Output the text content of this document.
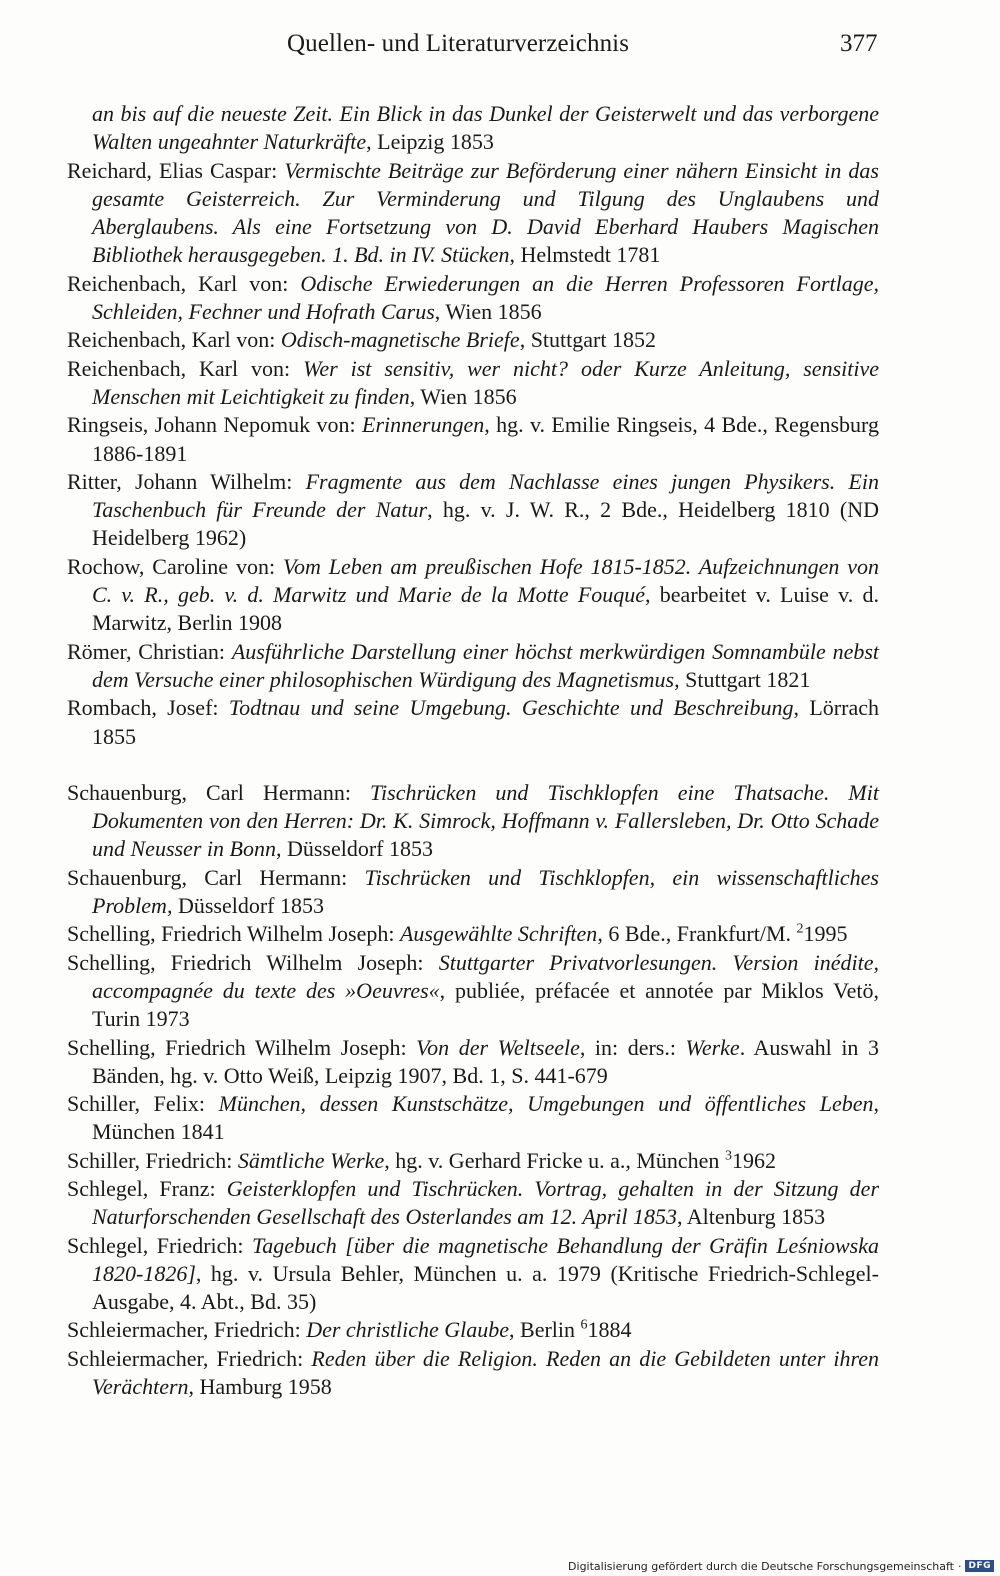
Quellen- und Literaturverzeichnis	377
an bis auf die neueste Zeit. Ein Blick in das Dunkel der Geisterwelt und das verborgene Walten ungeahnter Naturkräfte, Leipzig 1853
Reichard, Elias Caspar: Vermischte Beiträge zur Beförderung einer nähern Einsicht in das gesamte Geisterreich. Zur Verminderung und Tilgung des Unglaubens und Aberglaubens. Als eine Fortsetzung von D. David Eberhard Haubers Magischen Bibliothek herausgegeben. 1. Bd. in IV. Stücken, Helmstedt 1781
Reichenbach, Karl von: Odische Erwiederungen an die Herren Professoren Fortlage, Schleiden, Fechner und Hofrath Carus, Wien 1856
Reichenbach, Karl von: Odisch-magnetische Briefe, Stuttgart 1852
Reichenbach, Karl von: Wer ist sensitiv, wer nicht? oder Kurze Anleitung, sensitive Menschen mit Leichtigkeit zu finden, Wien 1856
Ringseis, Johann Nepomuk von: Erinnerungen, hg. v. Emilie Ringseis, 4 Bde., Regensburg 1886-1891
Ritter, Johann Wilhelm: Fragmente aus dem Nachlasse eines jungen Physikers. Ein Taschenbuch für Freunde der Natur, hg. v. J. W. R., 2 Bde., Heidelberg 1810 (ND Heidelberg 1962)
Rochow, Caroline von: Vom Leben am preußischen Hofe 1815-1852. Aufzeichnungen von C. v. R., geb. v. d. Marwitz und Marie de la Motte Fouqué, bearbeitet v. Luise v. d. Marwitz, Berlin 1908
Römer, Christian: Ausführliche Darstellung einer höchst merkwürdigen Somnambüle nebst dem Versuche einer philosophischen Würdigung des Magnetismus, Stuttgart 1821
Rombach, Josef: Todtnau und seine Umgebung. Geschichte und Beschreibung, Lörrach 1855
Schauenburg, Carl Hermann: Tischrücken und Tischklopfen eine Thatsache. Mit Dokumenten von den Herren: Dr. K. Simrock, Hoffmann v. Fallersleben, Dr. Otto Schade und Neusser in Bonn, Düsseldorf 1853
Schauenburg, Carl Hermann: Tischrücken und Tischklopfen, ein wissenschaftliches Problem, Düsseldorf 1853
Schelling, Friedrich Wilhelm Joseph: Ausgewählte Schriften, 6 Bde., Frankfurt/M. $^2$1995
Schelling, Friedrich Wilhelm Joseph: Stuttgarter Privatvorlesungen. Version inédite, accompagnée du texte des »Oeuvres«, publiée, préfacée et annotée par Miklos Vetö, Turin 1973
Schelling, Friedrich Wilhelm Joseph: Von der Weltseele, in: ders.: Werke. Auswahl in 3 Bänden, hg. v. Otto Weiß, Leipzig 1907, Bd. 1, S. 441-679
Schiller, Felix: München, dessen Kunstschätze, Umgebungen und öffentliches Leben, München 1841
Schiller, Friedrich: Sämtliche Werke, hg. v. Gerhard Fricke u. a., München $^3$1962
Schlegel, Franz: Geisterklopfen und Tischrücken. Vortrag, gehalten in der Sitzung der Naturforschenden Gesellschaft des Osterlandes am 12. April 1853, Altenburg 1853
Schlegel, Friedrich: Tagebuch [über die magnetische Behandlung der Gräfin Leśniowska 1820-1826], hg. v. Ursula Behler, München u. a. 1979 (Kritische Friedrich-Schlegel-Ausgabe, 4. Abt., Bd. 35)
Schleiermacher, Friedrich: Der christliche Glaube, Berlin $^6$1884
Schleiermacher, Friedrich: Reden über die Religion. Reden an die Gebildeten unter ihren Verächtern, Hamburg 1958
Digitalisierung gefördert durch die Deutsche Forschungsgemeinschaft · DFG
